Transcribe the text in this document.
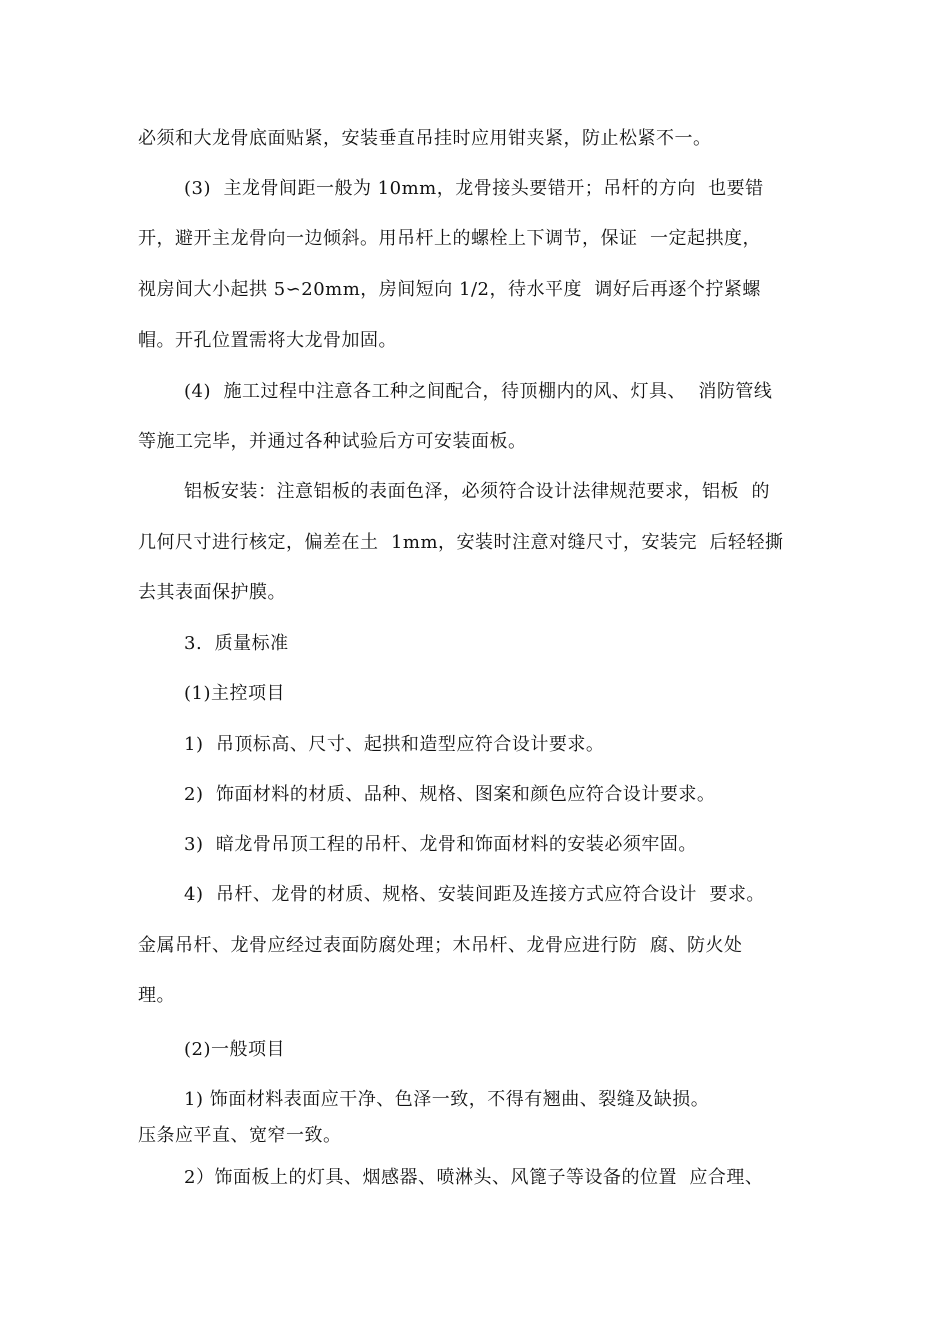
必须和大龙骨底面贴紧，安装垂直吊挂时应用钳夹紧，防止松紧不一。
(3)  主龙骨间距一般为 10mm，龙骨接头要错开；吊杆的方向  也要错
开，避开主龙骨向一边倾斜。用吊杆上的螺栓上下调节，保证  一定起拱度，
视房间大小起拱 5∽20mm，房间短向 1/2，待水平度  调好后再逐个拧紧螺
帽。开孔位置需将大龙骨加固。
(4)  施工过程中注意各工种之间配合，待顶棚内的风、灯具、  消防管线
等施工完毕，并通过各种试验后方可安装面板。
铝板安装：注意铝板的表面色泽，必须符合设计法律规范要求，铝板  的
几何尺寸进行核定，偏差在土  1mm，安装时注意对缝尺寸，安装完  后轻轻撕
去其表面保护膜。
3.  质量标准
(1)主控项目
1)  吊顶标高、尺寸、起拱和造型应符合设计要求。
2)  饰面材料的材质、品种、规格、图案和颜色应符合设计要求。
3)  暗龙骨吊顶工程的吊杆、龙骨和饰面材料的安装必须牢固。
4)  吊杆、龙骨的材质、规格、安装间距及连接方式应符合设计  要求。
金属吊杆、龙骨应经过表面防腐处理；木吊杆、龙骨应进行防  腐、防火处
理。
(2)一般项目
1) 饰面材料表面应干净、色泽一致，不得有翘曲、裂缝及缺损。
压条应平直、宽窄一致。
2）饰面板上的灯具、烟感器、喷淋头、风篦子等设备的位置  应合理、
